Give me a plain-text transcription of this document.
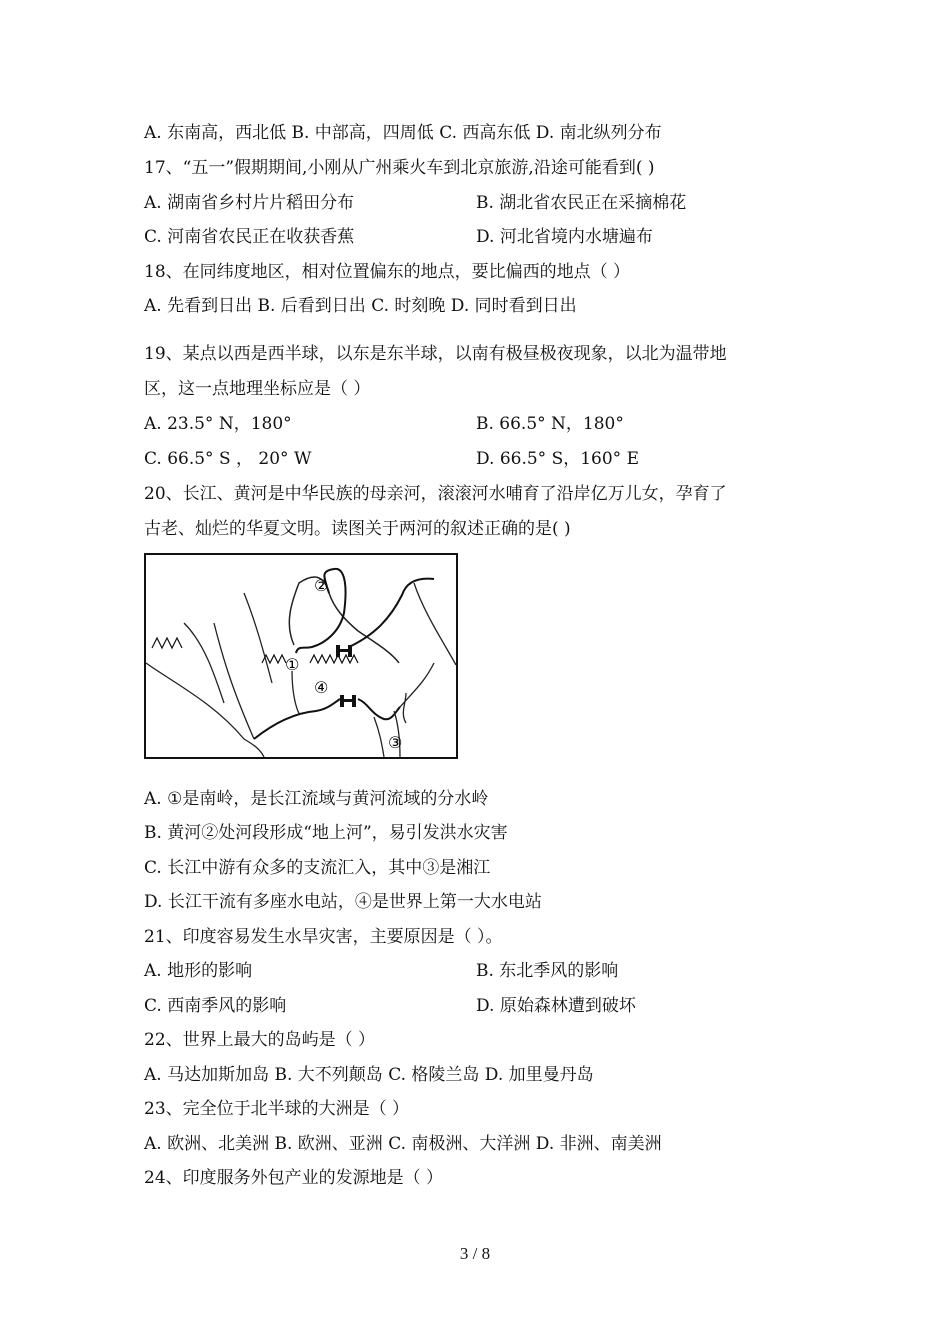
A. 东南高，西北低 B. 中部高，四周低 C. 西高东低 D. 南北纵列分布
17、“五一”假期期间,小刚从广州乘火车到北京旅游,沿途可能看到( )
A. 湖南省乡村片片稻田分布	B. 湖北省农民正在采摘棉花
C. 河南省农民正在收获香蕉	D. 河北省境内水塘遍布
18、在同纬度地区，相对位置偏东的地点，要比偏西的地点（ ）
A. 先看到日出 B. 后看到日出 C. 时刻晚 D. 同时看到日出
19、某点以西是西半球，以东是东半球，以南有极昼极夜现象，以北为温带地
区，这一点地理坐标应是（ ）
A. 23.5° N，180°	B. 66.5° N，180°
C. 66.5° S ， 20° W	D. 66.5° S，160° E
20、长江、黄河是中华民族的母亲河，滚滚河水哺育了沿岸亿万儿女，孕育了
古老、灿烂的华夏文明。读图关于两河的叙述正确的是( )
A. ①是南岭，是长江流域与黄河流域的分水岭
B. 黄河②处河段形成“地上河”，易引发洪水灾害
C. 长江中游有众多的支流汇入，其中③是湘江
D. 长江干流有多座水电站，④是世界上第一大水电站
21、印度容易发生水旱灾害，主要原因是（ ）。
A. 地形的影响	B. 东北季风的影响
C. 西南季风的影响	D. 原始森林遭到破坏
22、世界上最大的岛屿是（ ）
A. 马达加斯加岛 B. 大不列颠岛 C. 格陵兰岛 D. 加里曼丹岛
23、完全位于北半球的大洲是（ ）
A. 欧洲、北美洲 B. 欧洲、亚洲 C. 南极洲、大洋洲 D. 非洲、南美洲
24、印度服务外包产业的发源地是（ ）
①
②
③
④
3 / 8
